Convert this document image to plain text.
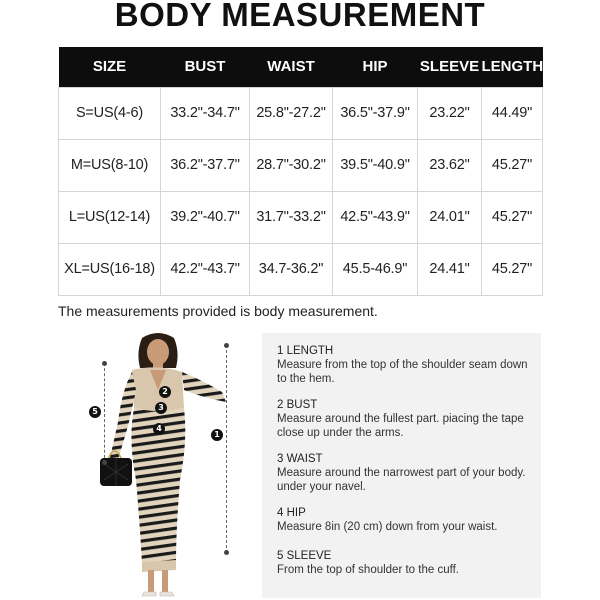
BODY MEASUREMENT
SIZE	BUST	WAIST	HIP	SLEEVE	LENGTH
S=US(4-6)	33.2"-34.7"	25.8"-27.2"	36.5"-37.9"	23.22"	44.49"
M=US(8-10)	36.2"-37.7"	28.7"-30.2"	39.5"-40.9"	23.62"	45.27"
L=US(12-14)	39.2"-40.7"	31.7"-33.2"	42.5"-43.9"	24.01"	45.27"
XL=US(16-18)	42.2"-43.7"	34.7-36.2"	45.5-46.9"	24.41"	45.27"
The measurements provided is body measurement.
2
3
4
5
1
1 LENGTH
Measure from the top of the shoulder seam down to the hem.
2 BUST
Measure around the fullest part. piacing the tape close up under the arms.
3 WAIST
Measure around the narrowest part of your body. under your navel.
4 HIP
Measure 8in (20 cm) down from your waist.
5 SLEEVE
From the top of shoulder to the cuff.
